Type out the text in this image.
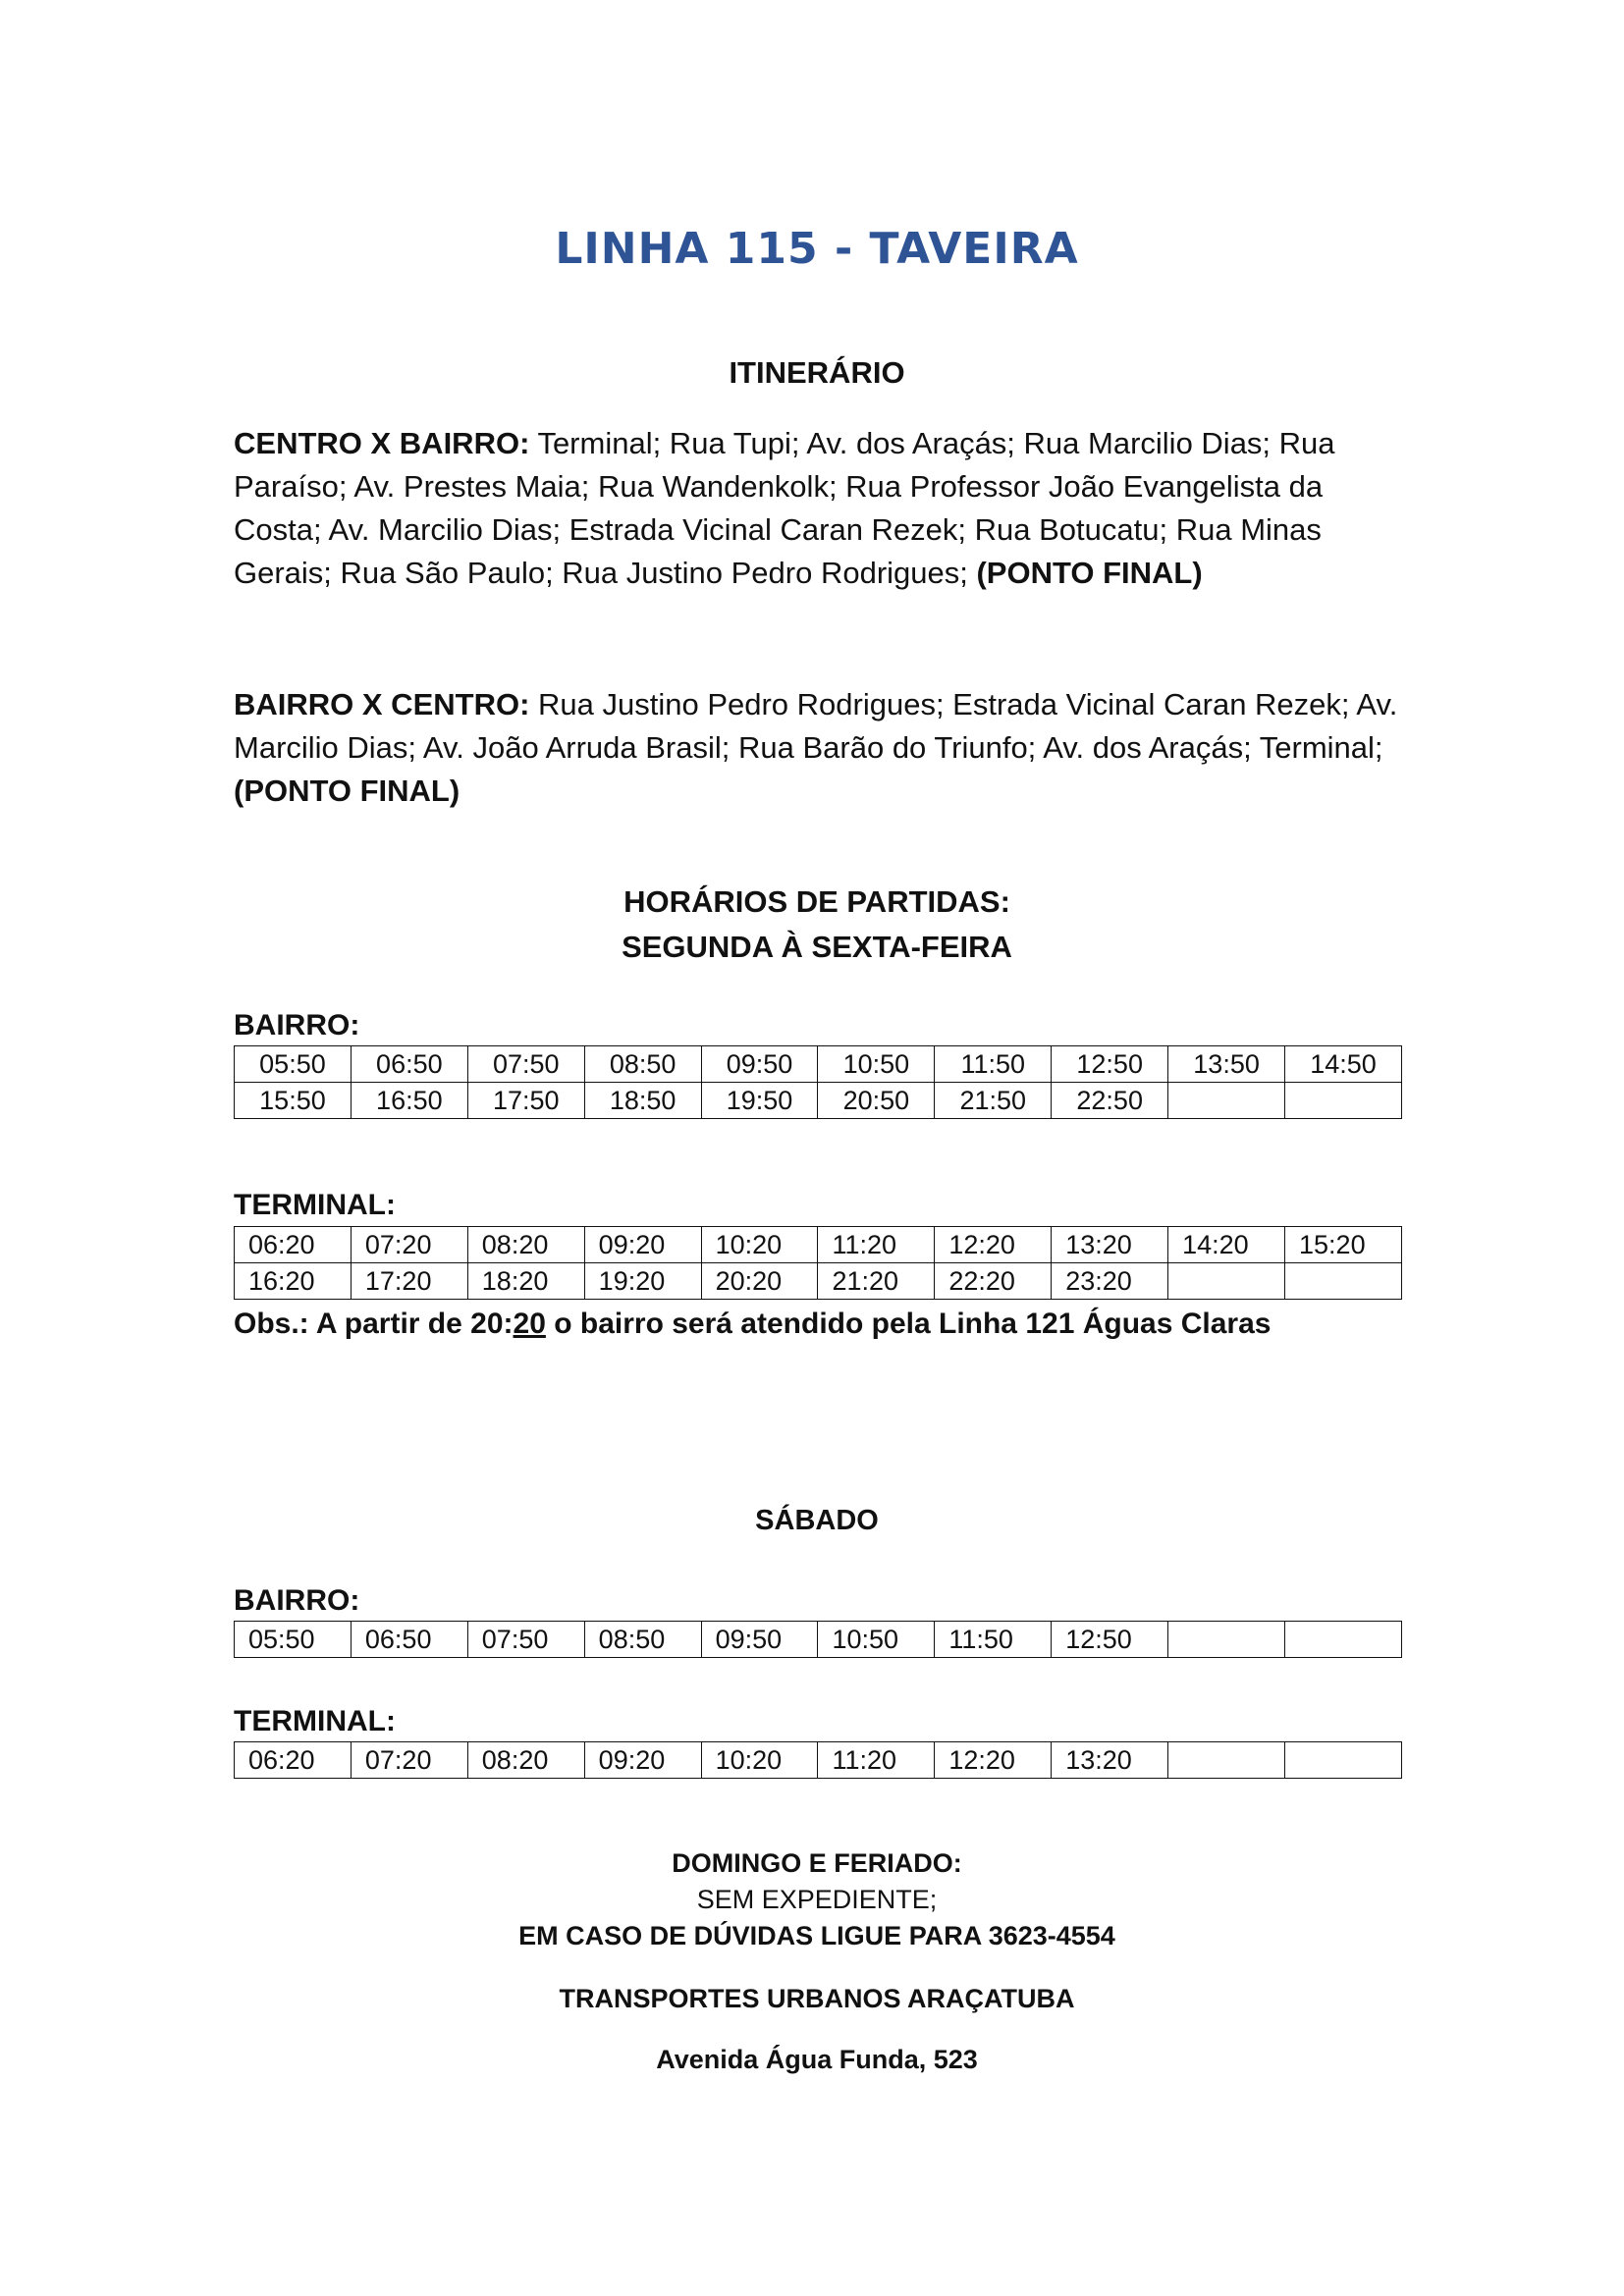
LINHA 115 - TAVEIRA
ITINERÁRIO
CENTRO X BAIRRO: Terminal; Rua Tupi; Av. dos Araçás; Rua Marcilio Dias; Rua Paraíso; Av. Prestes Maia; Rua Wandenkolk; Rua Professor João Evangelista da Costa; Av. Marcilio Dias; Estrada Vicinal Caran Rezek; Rua Botucatu; Rua Minas Gerais; Rua São Paulo; Rua Justino Pedro Rodrigues; (PONTO FINAL)
BAIRRO X CENTRO: Rua Justino Pedro Rodrigues; Estrada Vicinal Caran Rezek; Av. Marcilio Dias; Av. João Arruda Brasil; Rua Barão do Triunfo; Av. dos Araçás; Terminal; (PONTO FINAL)
HORÁRIOS DE PARTIDAS:
SEGUNDA À SEXTA-FEIRA
BAIRRO:
05:50	06:50	07:50	08:50	09:50	10:50	11:50	12:50	13:50	14:50
15:50	16:50	17:50	18:50	19:50	20:50	21:50	22:50		
TERMINAL:
06:20	07:20	08:20	09:20	10:20	11:20	12:20	13:20	14:20	15:20
16:20	17:20	18:20	19:20	20:20	21:20	22:20	23:20		
Obs.: A partir de 20:20 o bairro será atendido pela Linha 121 Águas Claras
SÁBADO
BAIRRO:
05:50	06:50	07:50	08:50	09:50	10:50	11:50	12:50		
TERMINAL:
06:20	07:20	08:20	09:20	10:20	11:20	12:20	13:20		
DOMINGO E FERIADO:
SEM EXPEDIENTE;
EM CASO DE DÚVIDAS LIGUE PARA 3623-4554
TRANSPORTES URBANOS ARAÇATUBA
Avenida Água Funda, 523
